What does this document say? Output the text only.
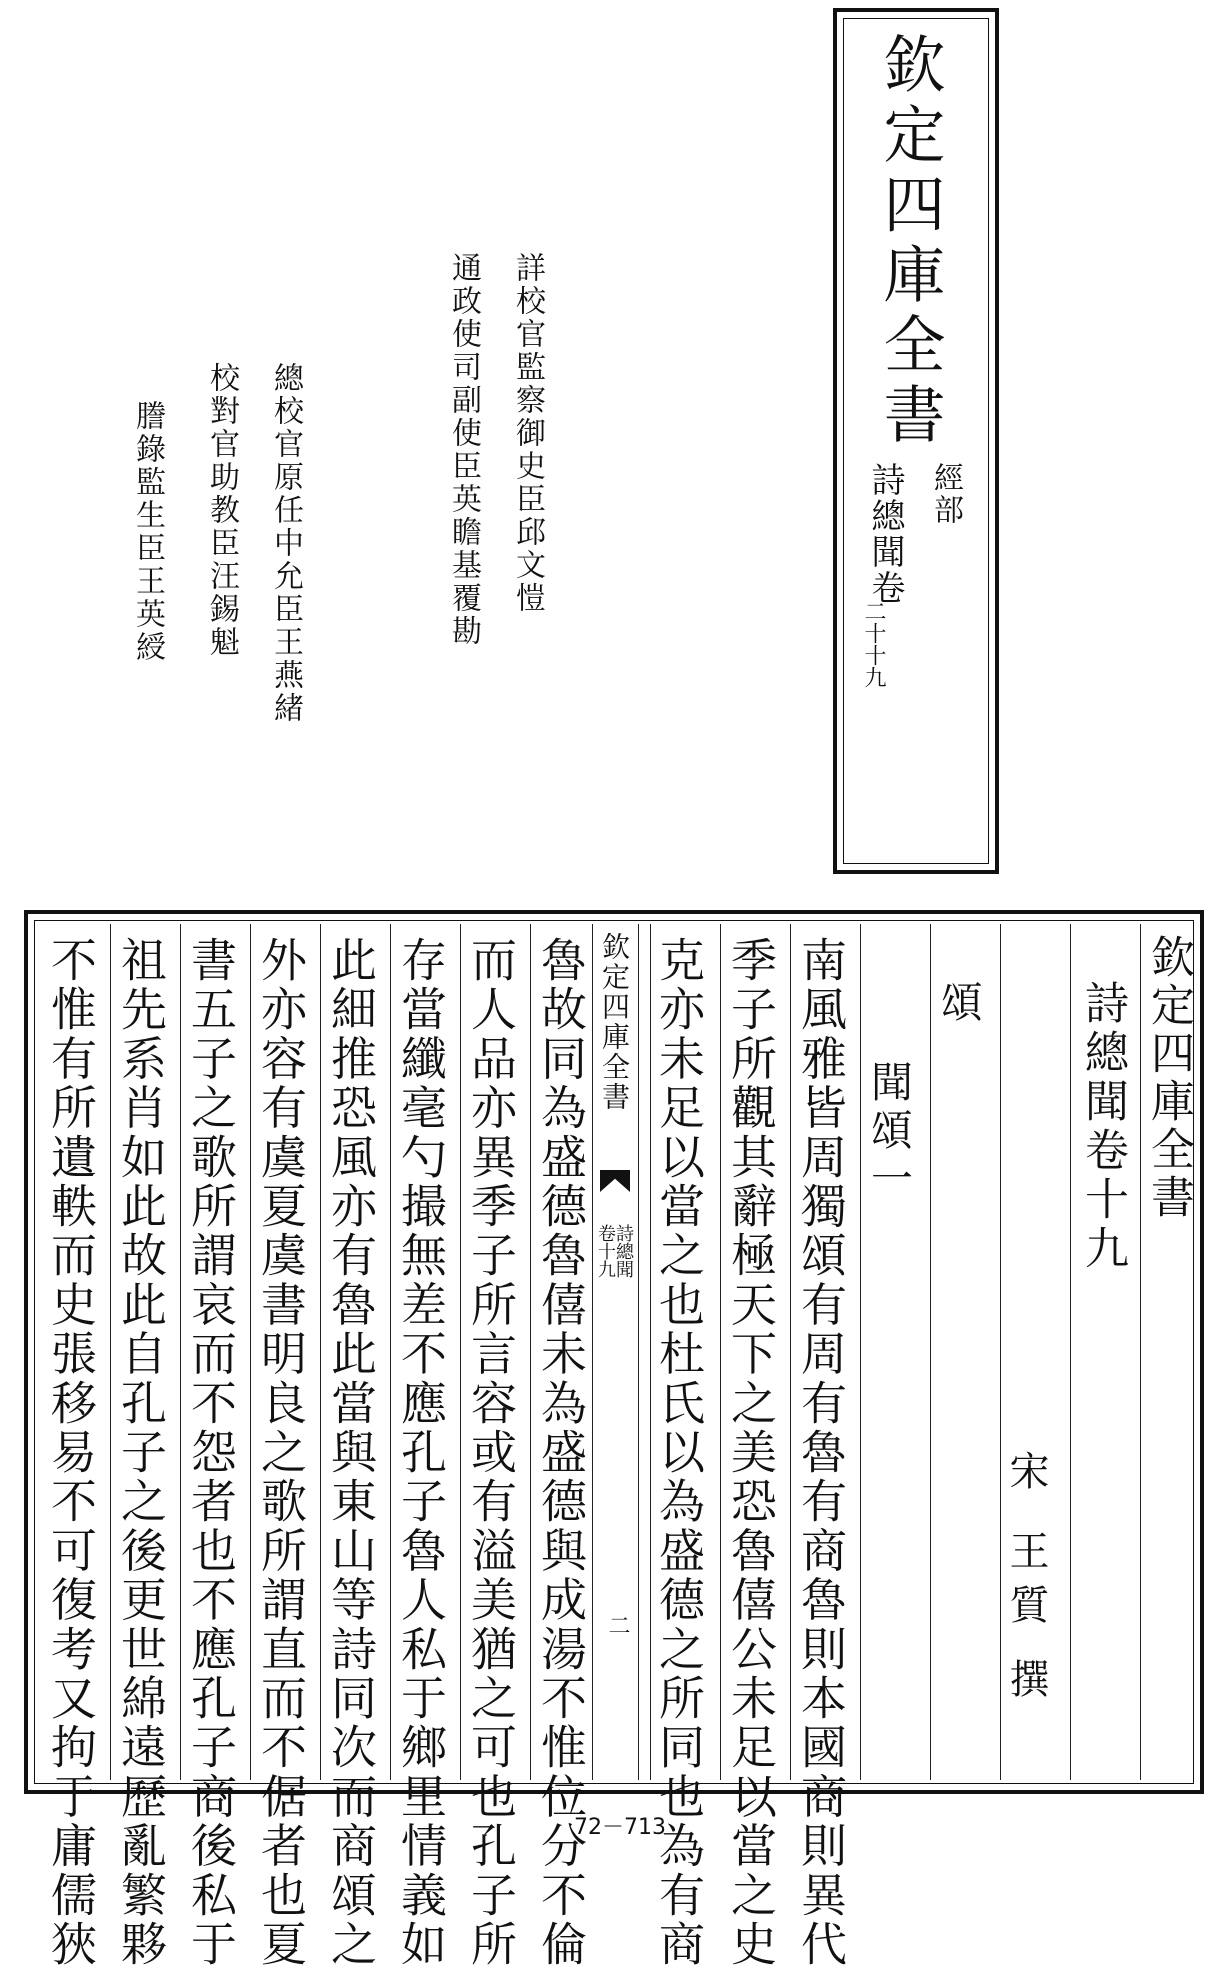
欽定四庫全書
經部
詩總聞卷
二十十九
詳校官監察御史臣邱文愷
通政使司副使臣英瞻基覆勘
總校官原任中允臣王燕緒
校對官助教臣汪錫魁
謄錄監生臣王英綬
欽定四庫全書
詩總聞卷十九
宋
王質
撰
頌
聞頌一
南風雅皆周獨頌有周有魯有商魯則本國商則異代
季子所觀其辭極天下之美恐魯僖公未足以當之史
克亦未足以當之也杜氏以為盛德之所同也為有商
欽定四庫全書
詩總聞
卷十九
二
魯故同為盛德魯僖未為盛德與成湯不惟位分不倫
而人品亦異季子所言容或有溢美猶之可也孔子所
存當纖毫勺撮無差不應孔子魯人私于鄉里情義如
此細推恐風亦有魯此當與東山等詩同次而商頌之
外亦容有虞夏虞書明良之歌所謂直而不倨者也夏
書五子之歌所謂哀而不怨者也不應孔子商後私于
祖先系肖如此故此自孔子之後更世綿遠歷亂繁夥
不惟有所遺軼而史張移易不可復考又拘于庸儒狹	72－713
